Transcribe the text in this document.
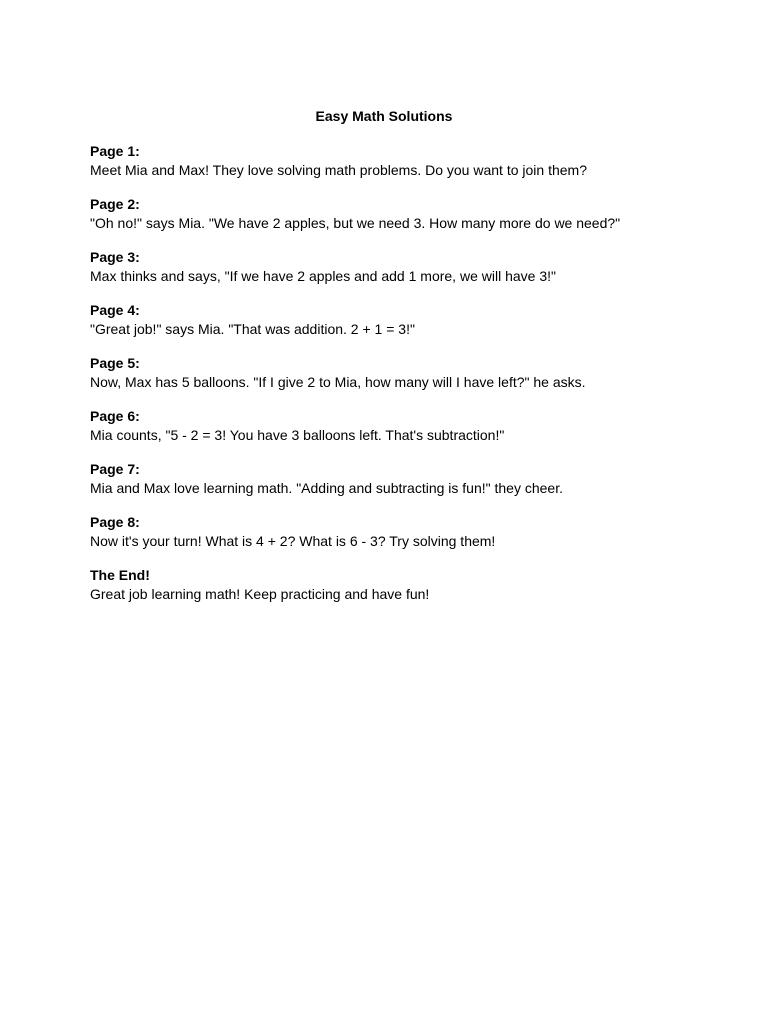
Easy Math Solutions
Page 1:
Meet Mia and Max! They love solving math problems. Do you want to join them?
Page 2:
"Oh no!" says Mia. "We have 2 apples, but we need 3. How many more do we need?"
Page 3:
Max thinks and says, "If we have 2 apples and add 1 more, we will have 3!"
Page 4:
"Great job!" says Mia. "That was addition. 2 + 1 = 3!"
Page 5:
Now, Max has 5 balloons. "If I give 2 to Mia, how many will I have left?" he asks.
Page 6:
Mia counts, "5 - 2 = 3! You have 3 balloons left. That's subtraction!"
Page 7:
Mia and Max love learning math. "Adding and subtracting is fun!" they cheer.
Page 8:
Now it's your turn! What is 4 + 2? What is 6 - 3? Try solving them!
The End!
Great job learning math! Keep practicing and have fun!
